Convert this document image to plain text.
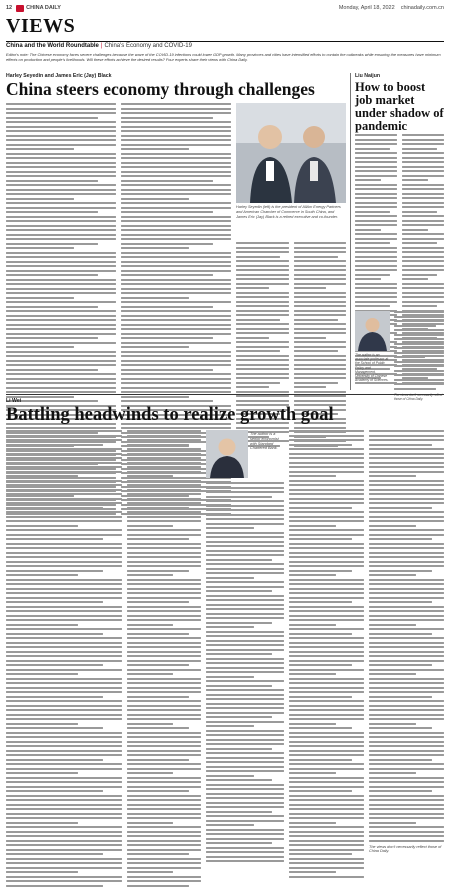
12	CHINA DAILY	Monday, April 18, 2022 chinadaily.com.cn
VIEWS
China and the World Roundtable | China's Economy and COVID-19
Editor's note: The Chinese economy faces severe challenges because the wave of the COVID-19 infections could lower GDP growth. Many provinces and cities have intensified efforts to contain the outbreaks while ensuring the measures have minimum effects on production and people's livelihoods. Will these efforts achieve the desired results? Four experts share their views with China Daily.
Harley Seyedin and James Eric (Jay) Black
China steers economy through challenges
Harley Seyedin (left) is the president of AllAm Energy Partners and American Chamber of Commerce in South China, and James Eric (Jay) Black is a retired executive and co-founder.
Liu Naijun
How to boost job market under shadow of pandemic
The author is an associate professor at the School of Public Policy and Management, University of Chinese Academy of Sciences.
those of China Daily.
Li Wei
Battling headwinds to realize growth goal
The author is a senior economist with Standard Chartered Bank.
The views don't necessarily reflect those of China Daily.
